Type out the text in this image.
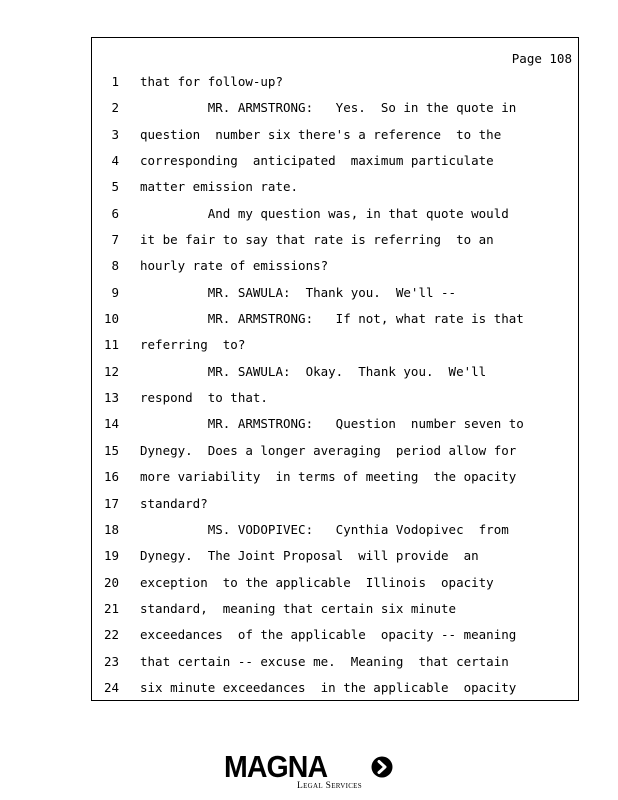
Page 108
1 that for follow-up?
2 MR. ARMSTRONG:   Yes.  So in the quote in
3 question  number six there's a reference  to the
4 corresponding  anticipated  maximum particulate
5 matter emission rate.
6 And my question was, in that quote would
7 it be fair to say that rate is referring  to an
8 hourly rate of emissions?
9 MR. SAWULA:  Thank you.  We'll --
10 MR. ARMSTRONG:   If not, what rate is that
11 referring  to?
12 MR. SAWULA:  Okay.  Thank you.  We'll
13 respond  to that.
14 MR. ARMSTRONG:   Question  number seven to
15 Dynegy.  Does a longer averaging  period allow for
16 more variability  in terms of meeting  the opacity
17 standard?
18 MS. VODOPIVEC:   Cynthia Vodopivec  from
19 Dynegy.  The Joint Proposal  will provide  an
20 exception  to the applicable  Illinois  opacity
21 standard,  meaning that certain six minute
22 exceedances  of the applicable  opacity -- meaning
23 that certain -- excuse me.  Meaning  that certain
24 six minute exceedances  in the applicable  opacity
MAGNA
Legal Services
